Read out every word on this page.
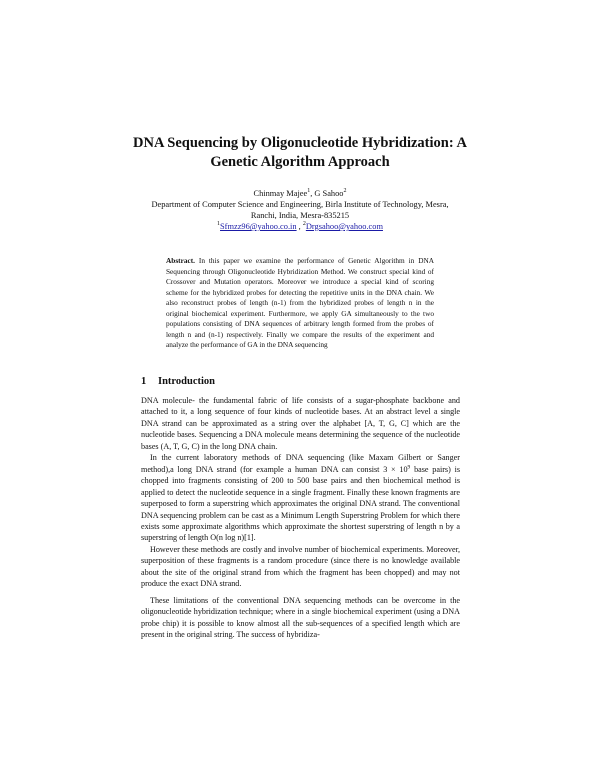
DNA Sequencing by Oligonucleotide Hybridization: A Genetic Algorithm Approach

Chinmay Majee$^1$, G Sahoo$^2$

Department of Computer Science and Engineering, Birla Institute of Technology, Mesra,

Ranchi, India, Mesra-835215

$^1$Sfmzz96@yahoo.co.in , $^2$Drgsahoo@yahoo.com

Abstract. In this paper we examine the performance of Genetic Algorithm in DNA Sequencing through Oligonucleotide Hybridization Method. We construct special kind of Crossover and Mutation operators. Moreover we introduce a special kind of scoring scheme for the hybridized probes for detecting the repetitive units in the DNA chain. We also reconstruct probes of length (n-1) from the hybridized probes of length n in the original biochemical experiment. Furthermore, we apply GA simultaneously to the two populations consisting of DNA sequences of arbitrary length formed from the probes of length n and (n-1) respectively. Finally we compare the results of the experiment and analyze the performance of GA in the DNA sequencing

1 Introduction

DNA molecule- the fundamental fabric of life consists of a sugar-phosphate backbone and attached to it, a long sequence of four kinds of nucleotide bases. At an abstract level a single DNA strand can be approximated as a string over the alphabet [A, T, G, C] which are the nucleotide bases. Sequencing a DNA molecule means determining the sequence of the nucleotide bases (A, T, G, C) in the long DNA chain.

In the current laboratory methods of DNA sequencing (like Maxam Gilbert or Sanger method),a long DNA strand (for example a human DNA can consist $3 \times 10^9$ base pairs) is chopped into fragments consisting of 200 to 500 base pairs and then biochemical method is applied to detect the nucleotide sequence in a single fragment. Finally these known fragments are superposed to form a superstring which approximates the original DNA strand. The conventional DNA sequencing problem can be cast as a Minimum Length Superstring Problem for which there exists some approximate algorithms which approximate the shortest superstring of length n by a superstring of length O(n log n)[1].

However these methods are costly and involve number of biochemical experiments. Moreover, superposition of these fragments is a random procedure (since there is no knowledge available about the site of the original strand from which the fragment has been chopped) and may not produce the exact DNA strand.

These limitations of the conventional DNA sequencing methods can be overcome in the oligonucleotide hybridization technique; where in a single biochemical experiment (using a DNA probe chip) it is possible to know almost all the sub-sequences of a specified length which are present in the original string. The success of hybridiza-
